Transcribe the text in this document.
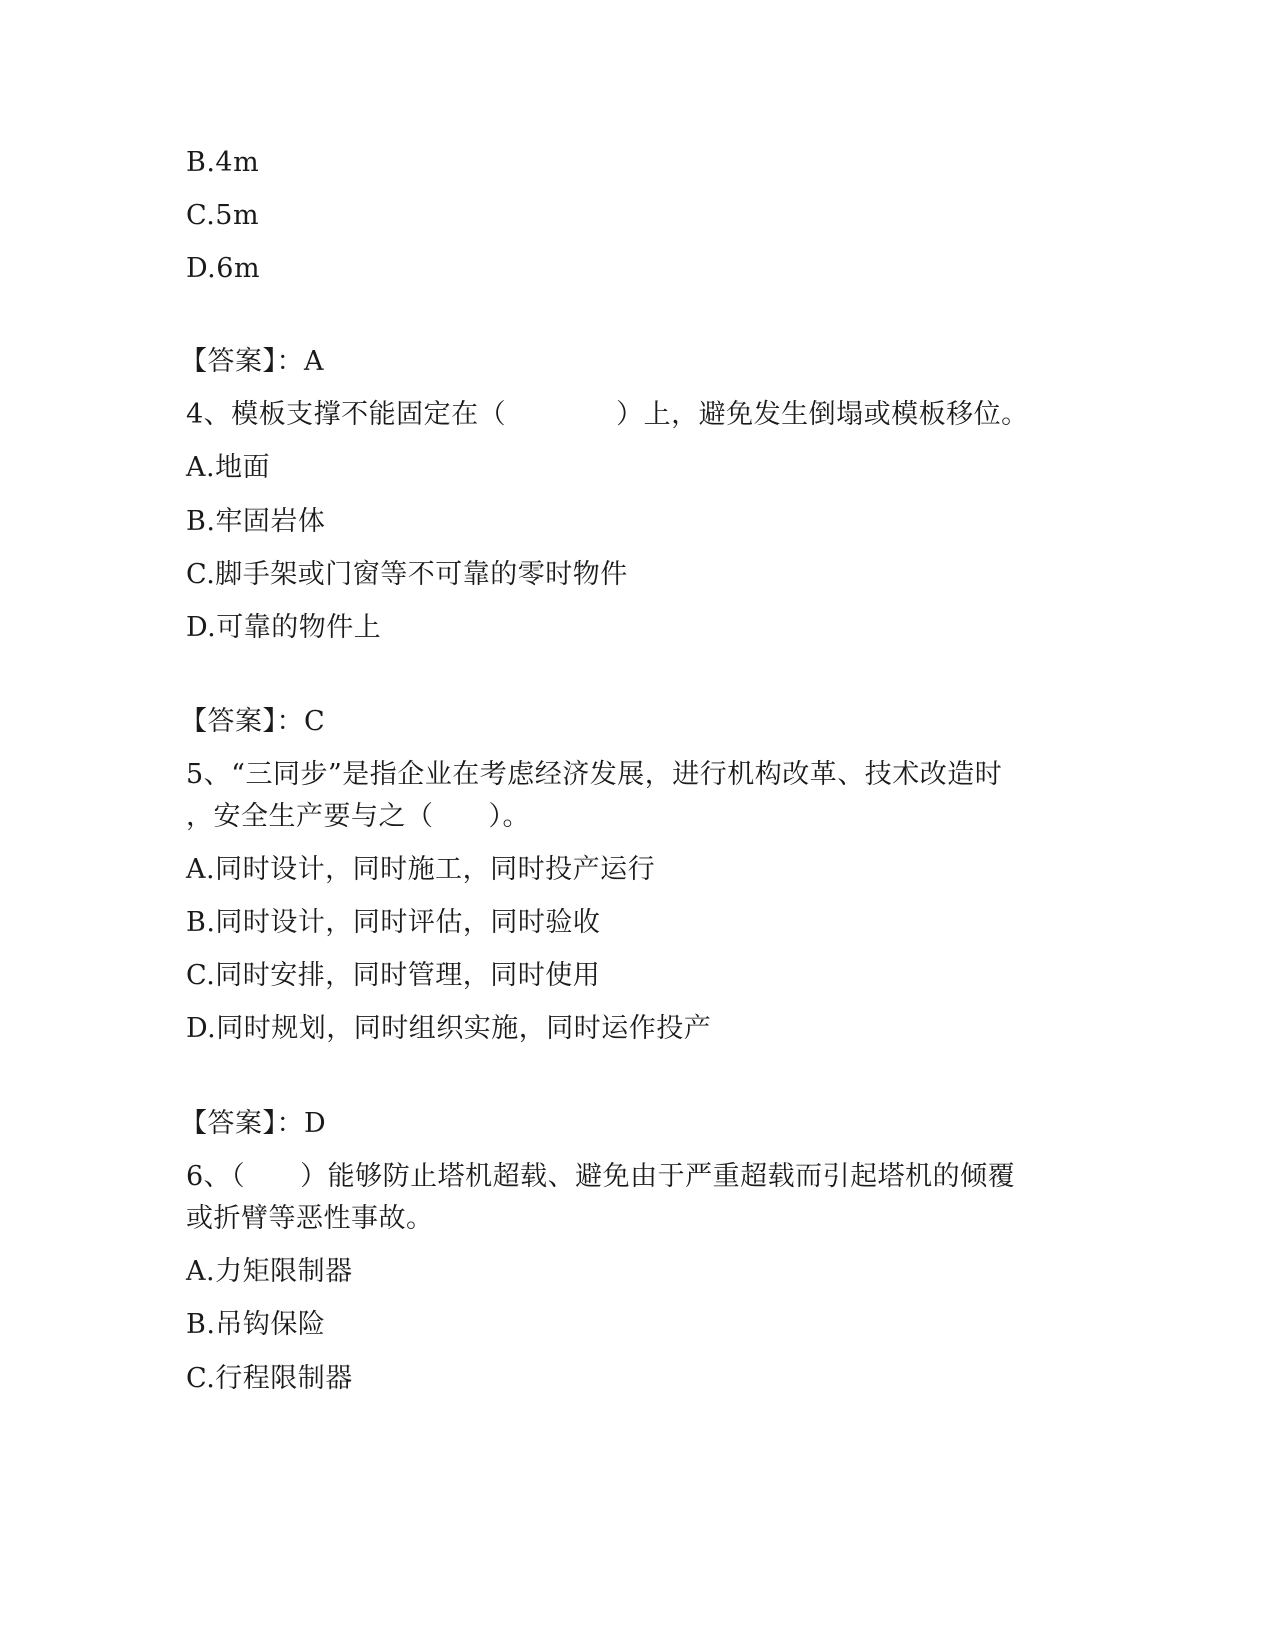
B.4m
C.5m
D.6m
【答案】：A
4、模板支撑不能固定在（　　　　）上，避免发生倒塌或模板移位。
A.地面
B.牢固岩体
C.脚手架或门窗等不可靠的零时物件
D.可靠的物件上
【答案】：C
5、“三同步”是指企业在考虑经济发展，进行机构改革、技术改造时
，安全生产要与之（　　）。
A.同时设计，同时施工，同时投产运行
B.同时设计，同时评估，同时验收
C.同时安排，同时管理，同时使用
D.同时规划，同时组织实施，同时运作投产
【答案】：D
6、（　　）能够防止塔机超载、避免由于严重超载而引起塔机的倾覆
或折臂等恶性事故。
A.力矩限制器
B.吊钩保险
C.行程限制器
